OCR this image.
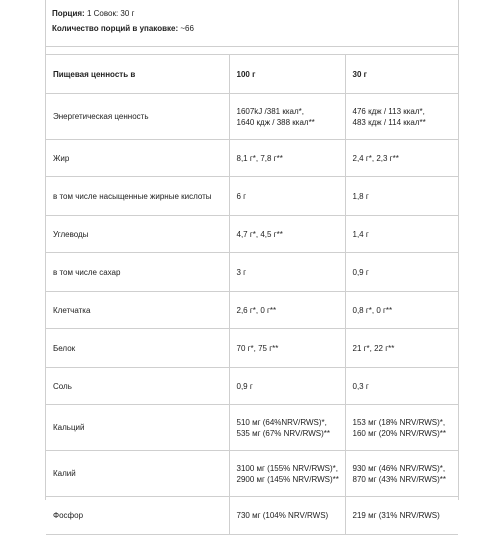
Порция: 1 Совок: 30 г
Количество порций в упаковке: ~66

Пищевая ценность в	100 г	30 г
Энергетическая ценность	1607kJ /381 ккал*,
1640 кдж / 388 ккал**	476 кдж / 113 ккал*,
483 кдж / 114 ккал**

Жир	8,1 г*, 7,8 г**	2,4 г*, 2,3 г**

в том числе насыщенные жирные кислоты	6 г	1,8 г

Углеводы	4,7 г*, 4,5 г**	1,4 г

в том числе сахар	3 г	0,9 г

Клетчатка	2,6 г*, 0 г**	0,8 г*, 0 г**

Белок	70 г*, 75 г**	21 г*, 22 г**

Соль	0,9 г	0,3 г

Кальций	510 мг (64%NRV/RWS)*,
535 мг (67% NRV/RWS)**	153 мг (18% NRV/RWS)*,
160 мг (20% NRV/RWS)**

Калий	3100 мг (155% NRV/RWS)*,
2900 мг (145% NRV/RWS)**	930 мг (46% NRV/RWS)*,
870 мг (43% NRV/RWS)**

Фосфор	730 мг (104% NRV/RWS)	219 мг (31% NRV/RWS)
